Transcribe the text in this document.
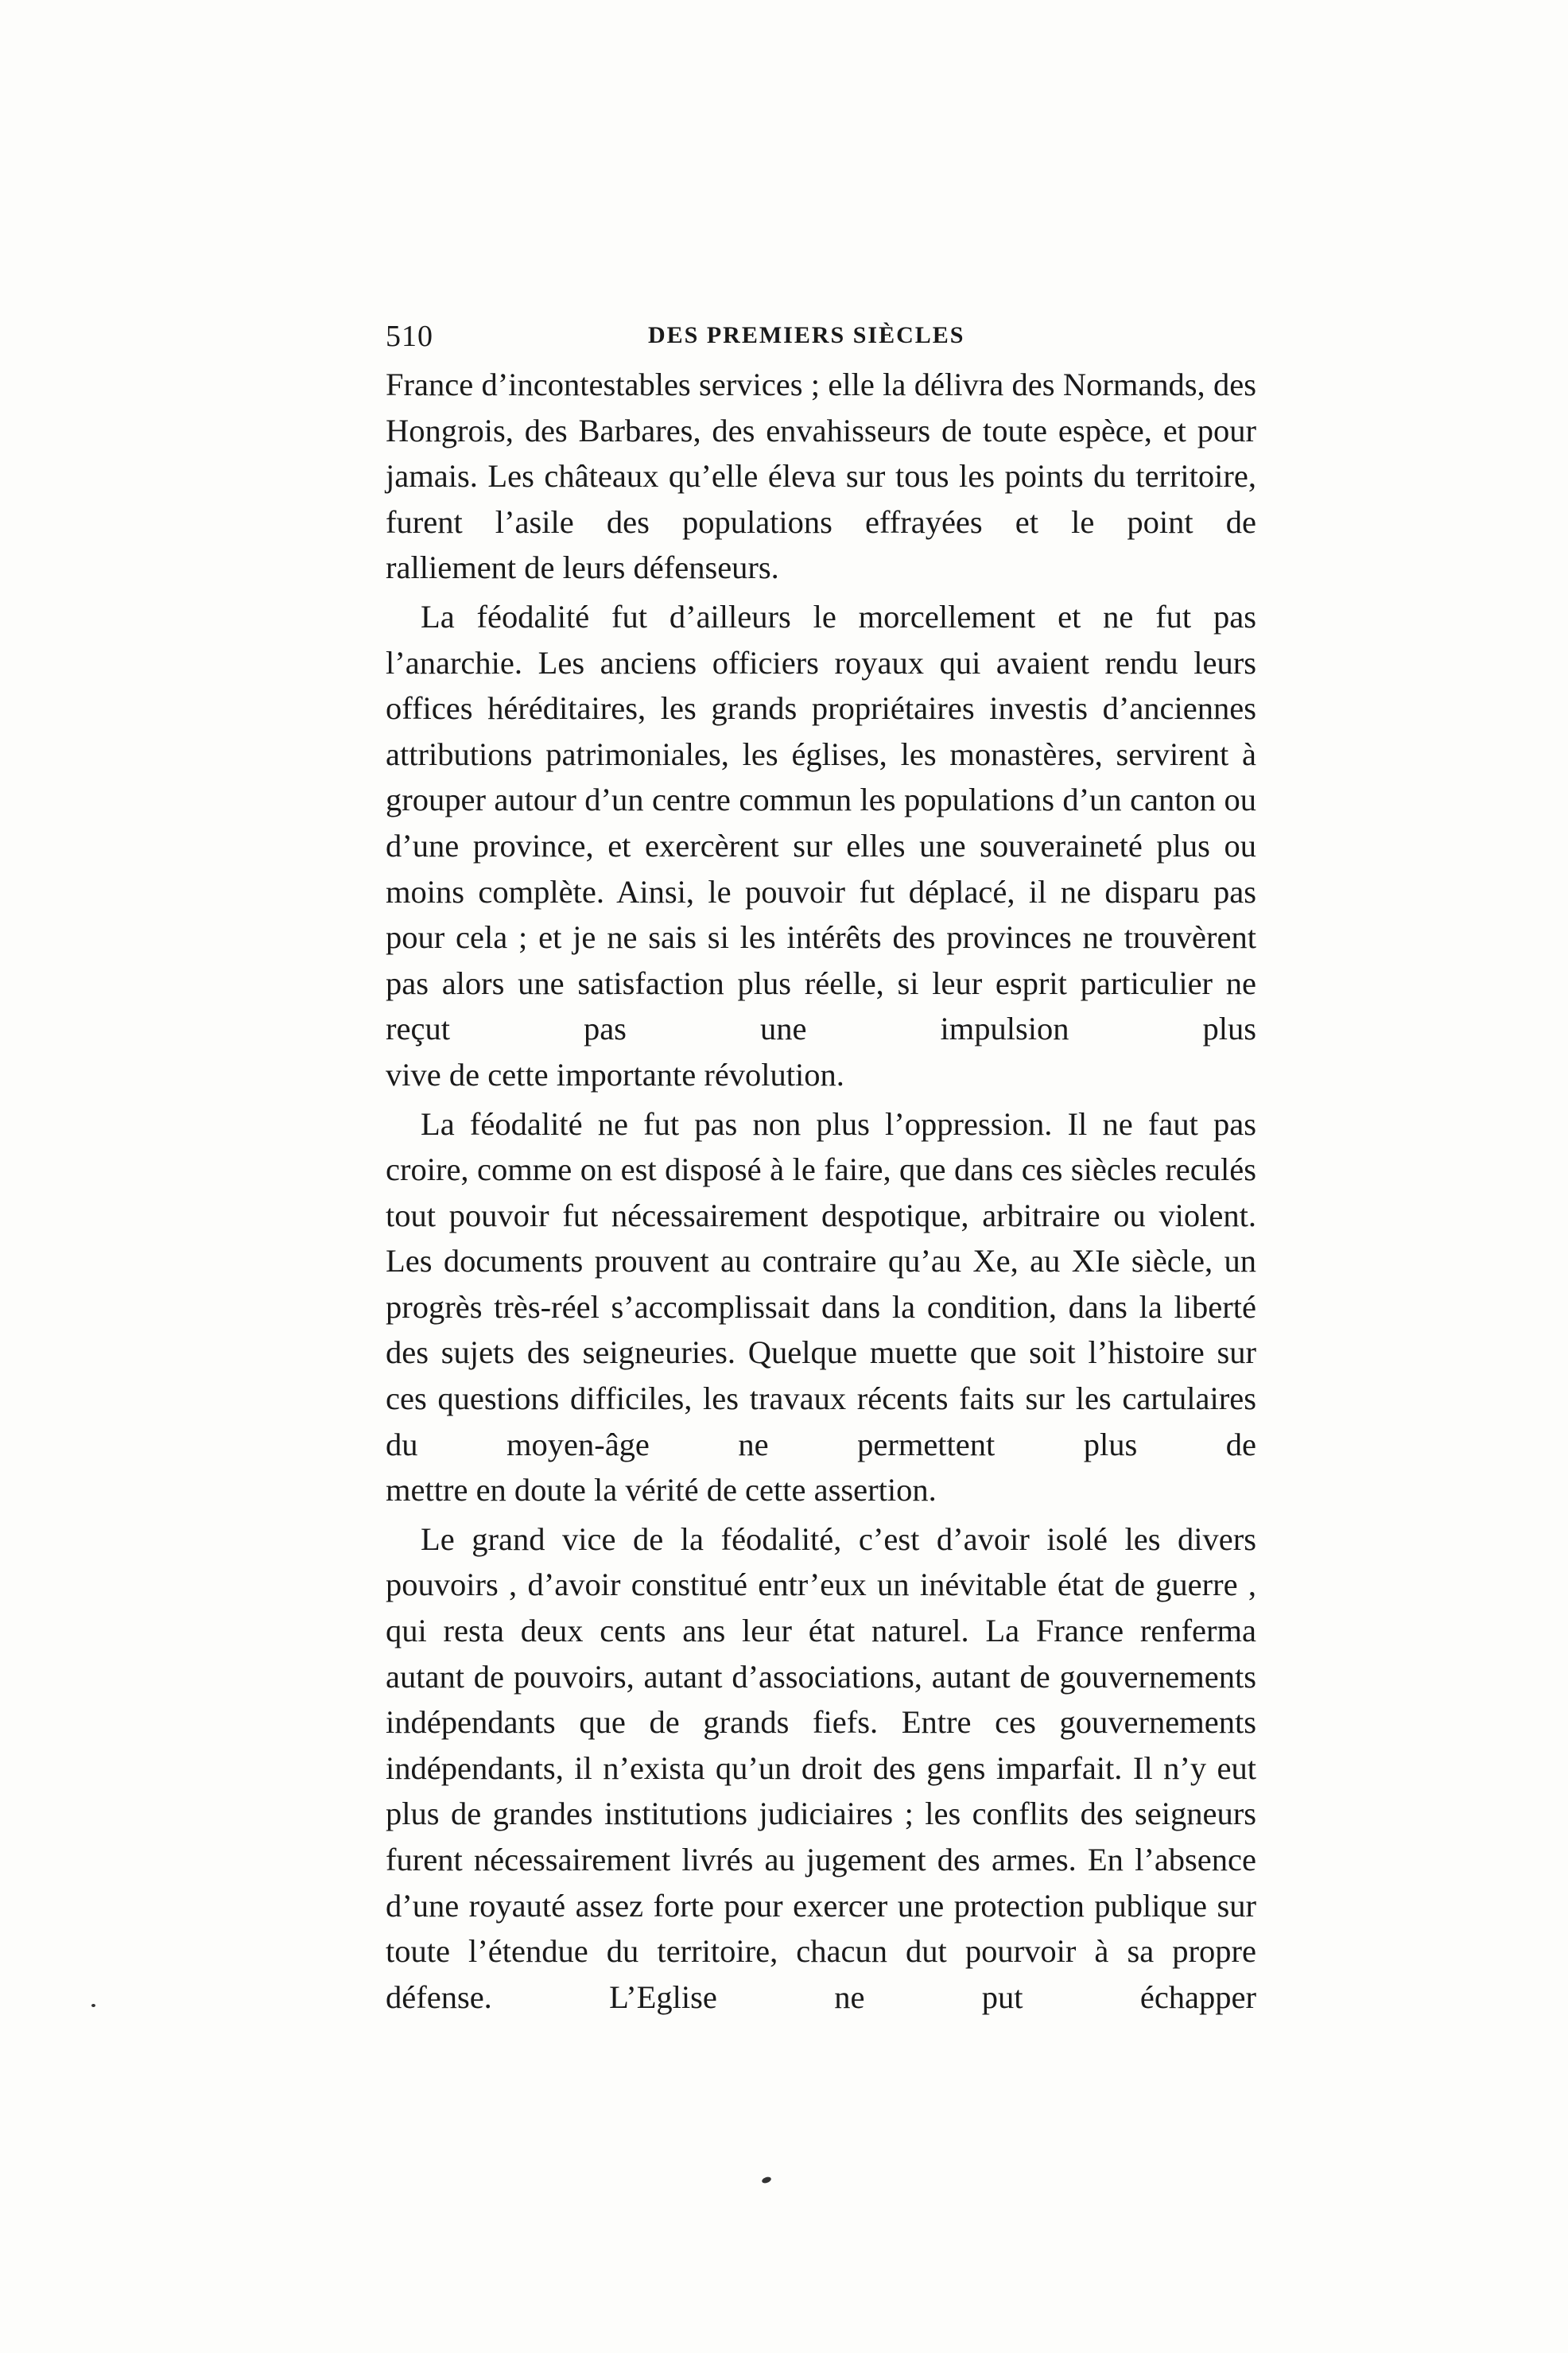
510	DES PREMIERS SIÈCLES

France d’incontestables services ; elle la délivra des Normands, des Hongrois, des Barbares, des envahisseurs de toute espèce, et pour jamais. Les châteaux qu’elle éleva sur tous les points du territoire, furent l’asile des populations effrayées et le point de
ralliement de leurs défenseurs.

La féodalité fut d’ailleurs le morcellement et ne fut pas l’anarchie. Les anciens officiers royaux qui avaient rendu leurs offices héréditaires, les grands propriétaires investis d’anciennes attributions patrimoniales, les églises, les monastères, servirent à grouper autour d’un centre commun les populations d’un canton ou d’une province, et exercèrent sur elles une souveraineté plus ou moins complète. Ainsi, le pouvoir fut déplacé, il ne disparu pas pour cela ; et je ne sais si les intérêts des provinces ne trouvèrent pas alors une satisfaction plus réelle, si leur esprit particulier ne reçut pas une impulsion plus
vive de cette importante révolution.

La féodalité ne fut pas non plus l’oppression. Il ne faut pas croire, comme on est disposé à le faire, que dans ces siècles reculés tout pouvoir fut nécessairement despotique, arbitraire ou violent. Les documents prouvent au contraire qu’au Xe, au XIe siècle, un progrès très-réel s’accomplissait dans la condition, dans la liberté des sujets des seigneuries. Quelque muette que soit l’histoire sur ces questions difficiles, les travaux récents faits sur les cartulaires du moyen-âge ne permettent plus de
mettre en doute la vérité de cette assertion.

Le grand vice de la féodalité, c’est d’avoir isolé les divers pouvoirs , d’avoir constitué entr’eux un inévitable état de guerre , qui resta deux cents ans leur état naturel. La France renferma autant de pouvoirs, autant d’associations, autant de gouvernements indépendants que de grands fiefs. Entre ces gouvernements indépendants, il n’exista qu’un droit des gens imparfait. Il n’y eut plus de grandes institutions judiciaires ; les conflits des seigneurs furent nécessairement livrés au jugement des armes. En l’absence d’une royauté assez forte pour exercer une protection publique sur toute l’étendue du territoire, chacun dut pourvoir à sa propre défense. L’Eglise ne put échapper
